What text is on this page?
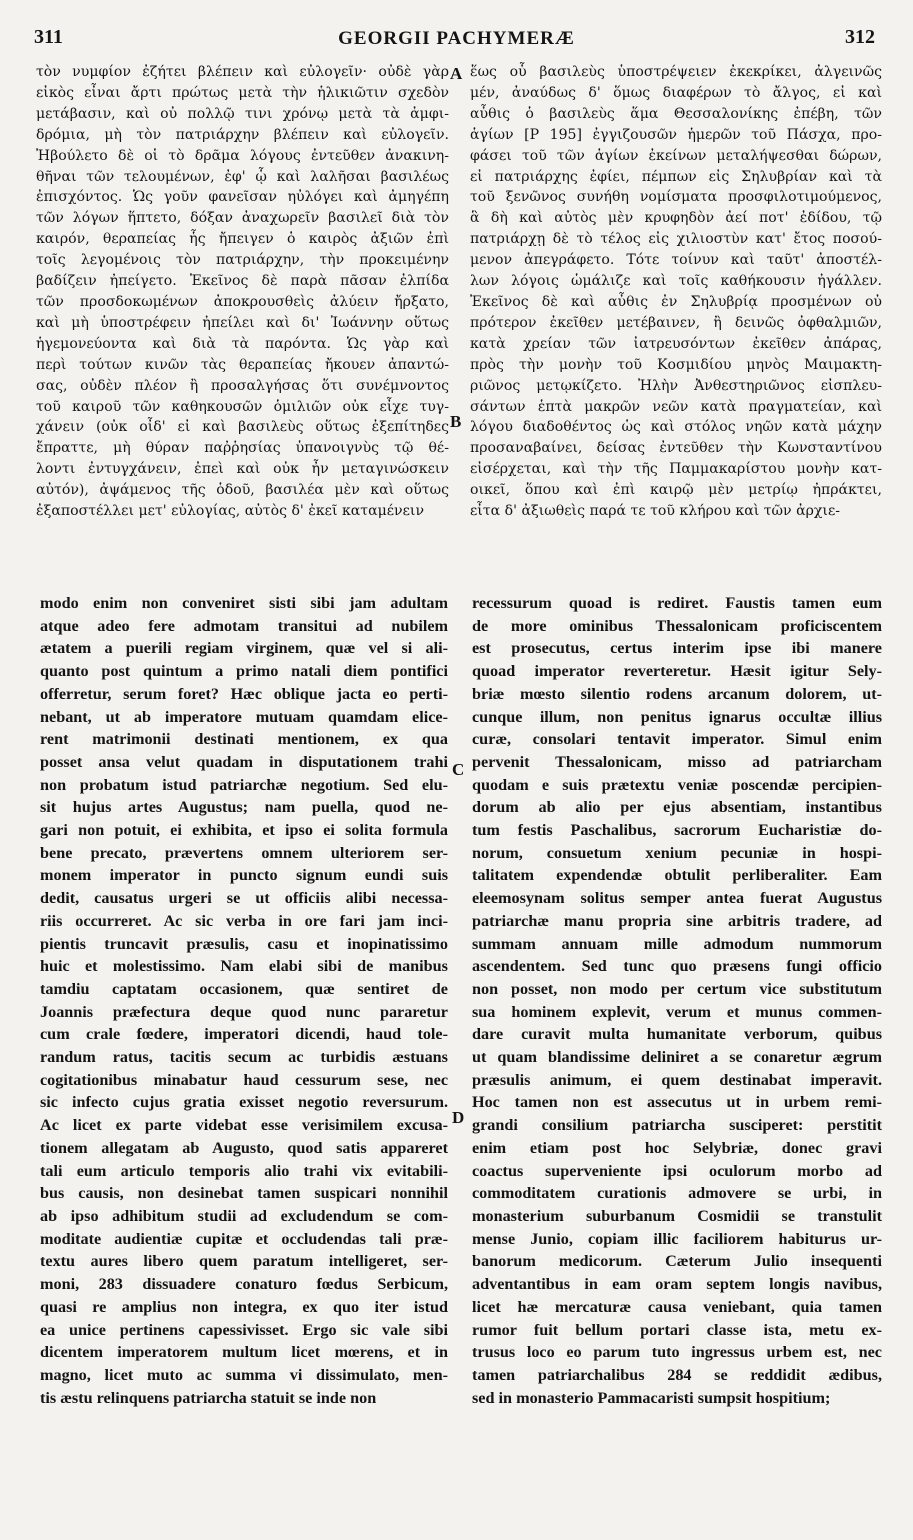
311	GEORGII PACHYMERÆ	312
A
B
C
D
τὸν νυμφίον ἐζήτει βλέπειν καὶ εὐλογεῖν· οὐδὲ γὰρ
εἰκὸς εἶναι ἄρτι πρώτως μετὰ τὴν ἡλικιῶτιν σχεδὸν
μετάβασιν, καὶ οὐ πολλῷ τινι χρόνῳ μετὰ τὰ ἀμφι-
δρόμια, μὴ τὸν πατριάρχην βλέπειν καὶ εὐλογεῖν.
Ἠβούλετο δὲ οἱ τὸ δρᾶμα λόγους ἐντεῦθεν ἀνακινη-
θῆναι τῶν τελουμένων, ἐφ' ᾧ καὶ λαλῆσαι βασιλέως
ἐπισχόντος. Ὡς γοῦν φανεῖσαν ηὐλόγει καὶ ἀμηγέπη
τῶν λόγων ἥπτετο, δόξαν ἀναχωρεῖν βασιλεῖ διὰ τὸν
καιρόν, θεραπείας ἧς ἤπειγεν ὁ καιρὸς ἀξιῶν ἐπὶ
τοῖς λεγομένοις τὸν πατριάρχην, τὴν προκειμένην
βαδίζειν ἠπείγετο. Ἐκεῖνος δὲ παρὰ πᾶσαν ἐλπίδα
τῶν προσδοκωμένων ἀποκρουσθεὶς ἀλύειν ἤρξατο,
καὶ μὴ ὑποστρέφειν ἠπείλει καὶ δι' Ἰωάννην οὕτως
ἡγεμονεύοντα καὶ διὰ τὰ παρόντα. Ὡς γὰρ καὶ
περὶ τούτων κινῶν τὰς θεραπείας ἤκουεν ἀπαντώ-
σας, οὐδὲν πλέον ἢ προσαλγήσας ὅτι συνέμνοντος
τοῦ καιροῦ τῶν καθηκουσῶν ὁμιλιῶν οὐκ εἶχε τυγ-
χάνειν (οὐκ οἶδ' εἰ καὶ βασιλεὺς οὕτως ἐξεπίτηδες
ἔπραττε, μὴ θύραν παῤῥησίας ὑπανοιγνὺς τῷ θέ-
λοντι ἐντυγχάνειν, ἐπεὶ καὶ οὐκ ἦν μεταγινώσκειν
αὐτόν), ἀψάμενος τῆς ὁδοῦ, βασιλέα μὲν καὶ οὕτως
ἐξαποστέλλει μετ' εὐλογίας, αὐτὸς δ' ἐκεῖ καταμένειν
ἕως οὗ βασιλεὺς ὑποστρέψειεν ἐκεκρίκει, ἀλγεινῶς
μέν, ἀναύδως δ' ὅμως διαφέρων τὸ ἄλγος, εἰ καὶ
αὖθις ὁ βασιλεὺς ἅμα Θεσσαλονίκης ἐπέβη, τῶν
ἁγίων [P 195] ἐγγιζουσῶν ἡμερῶν τοῦ Πάσχα, προ-
φάσει τοῦ τῶν ἁγίων ἐκείνων μεταλήψεσθαι δώρων,
εἰ πατριάρχης ἐφίει, πέμπων εἰς Σηλυβρίαν καὶ τὰ
τοῦ ξενῶνος συνήθη νομίσματα προσφιλοτιμούμενος,
ἃ δὴ καὶ αὐτὸς μὲν κρυφηδὸν ἀεί ποτ' ἐδίδου, τῷ
πατριάρχῃ δὲ τὸ τέλος εἰς χιλιοστὺν κατ' ἔτος ποσού-
μενον ἀπεγράφετο. Τότε τοίνυν καὶ ταῦτ' ἀποστέλ-
λων λόγοις ὡμάλιζε καὶ τοῖς καθήκουσιν ἠγάλλεν.
Ἐκεῖνος δὲ καὶ αὖθις ἐν Σηλυβρίᾳ προσμένων οὐ
πρότερον ἐκεῖθεν μετέβαινεν, ἢ δεινῶς ὀφθαλμιῶν,
κατὰ χρείαν τῶν ἰατρευσόντων ἐκεῖθεν ἀπάρας,
πρὸς τὴν μονὴν τοῦ Κοσμιδίου μηνὸς Μαιμακτη-
ριῶνος μετῳκίζετο. Ἠλὴν Ἀνθεστηριῶνος εἰσπλευ-
σάντων ἑπτὰ μακρῶν νεῶν κατὰ πραγματείαν, καὶ
λόγου διαδοθέντος ὡς καὶ στόλος νηῶν κατὰ μάχην
προσαναβαίνει, δείσας ἐντεῦθεν τὴν Κωνσταντίνου
εἰσέρχεται, καὶ τὴν τῆς Παμμακαρίστου μονὴν κατ-
οικεῖ, ὅπου καὶ ἐπὶ καιρῷ μὲν μετρίῳ ἠπράκτει,
εἶτα δ' ἀξιωθεὶς παρά τε τοῦ κλήρου καὶ τῶν ἀρχιε-
modo enim non conveniret sisti sibi jam adultam
atque adeo fere admotam transitui ad nubilem
ætatem a puerili regiam virginem, quæ vel si ali-
quanto post quintum a primo natali diem pontifici
offerretur, serum foret? Hæc oblique jacta eo perti-
nebant, ut ab imperatore mutuam quamdam elice-
rent matrimonii destinati mentionem, ex qua
posset ansa velut quadam in disputationem trahi
non probatum istud patriarchæ negotium. Sed elu-
sit hujus artes Augustus; nam puella, quod ne-
gari non potuit, ei exhibita, et ipso ei solita formula
bene precato, prævertens omnem ulteriorem ser-
monem imperator in puncto signum eundi suis
dedit, causatus urgeri se ut officiis alibi necessa-
riis occurreret. Ac sic verba in ore fari jam inci-
pientis truncavit præsulis, casu et inopinatissimo
huic et molestissimo. Nam elabi sibi de manibus
tamdiu captatam occasionem, quæ sentiret de
Joannis præfectura deque quod nunc pararetur
cum crale fœdere, imperatori dicendi, haud tole-
randum ratus, tacitis secum ac turbidis æstuans
cogitationibus minabatur haud cessurum sese, nec
sic infecto cujus gratia exisset negotio reversurum.
Ac licet ex parte videbat esse verisimilem excusa-
tionem allegatam ab Augusto, quod satis appareret
tali eum articulo temporis alio trahi vix evitabili-
bus causis, non desinebat tamen suspicari nonnihil
ab ipso adhibitum studii ad excludendum se com-
moditate audientiæ cupitæ et occludendas tali præ-
textu aures libero quem paratum intelligeret, ser-
moni, 283 dissuadere conaturo fœdus Serbicum,
quasi re amplius non integra, ex quo iter istud
ea unice pertinens capessivisset. Ergo sic vale sibi
dicentem imperatorem multum licet mœrens, et in
magno, licet muto ac summa vi dissimulato, men-
tis æstu relinquens patriarcha statuit se inde non
recessurum quoad is rediret. Faustis tamen eum
de more ominibus Thessalonicam proficiscentem
est prosecutus, certus interim ipse ibi manere
quoad imperator reverteretur. Hæsit igitur Sely-
briæ mœsto silentio rodens arcanum dolorem, ut-
cunque illum, non penitus ignarus occultæ illius
curæ, consolari tentavit imperator. Simul enim
pervenit Thessalonicam, misso ad patriarcham
quodam e suis prætextu veniæ poscendæ percipien-
dorum ab alio per ejus absentiam, instantibus
tum festis Paschalibus, sacrorum Eucharistiæ do-
norum, consuetum xenium pecuniæ in hospi-
talitatem expendendæ obtulit perliberaliter. Eam
eleemosynam solitus semper antea fuerat Augustus
patriarchæ manu propria sine arbitris tradere, ad
summam annuam mille admodum nummorum
ascendentem. Sed tunc quo præsens fungi officio
non posset, non modo per certum vice substitutum
sua hominem explevit, verum et munus commen-
dare curavit multa humanitate verborum, quibus
ut quam blandissime deliniret a se conaretur ægrum
præsulis animum, ei quem destinabat imperavit.
Hoc tamen non est assecutus ut in urbem remi-
grandi consilium patriarcha susciperet: perstitit
enim etiam post hoc Selybriæ, donec gravi
coactus superveniente ipsi oculorum morbo ad
commoditatem curationis admovere se urbi, in
monasterium suburbanum Cosmidii se transtulit
mense Junio, copiam illic faciliorem habiturus ur-
banorum medicorum. Cæterum Julio insequenti
adventantibus in eam oram septem longis navibus,
licet hæ mercaturæ causa veniebant, quia tamen
rumor fuit bellum portari classe ista, metu ex-
trusus loco eo parum tuto ingressus urbem est, nec
tamen patriarchalibus 284 se reddidit ædibus,
sed in monasterio Pammacaristi sumpsit hospitium;
